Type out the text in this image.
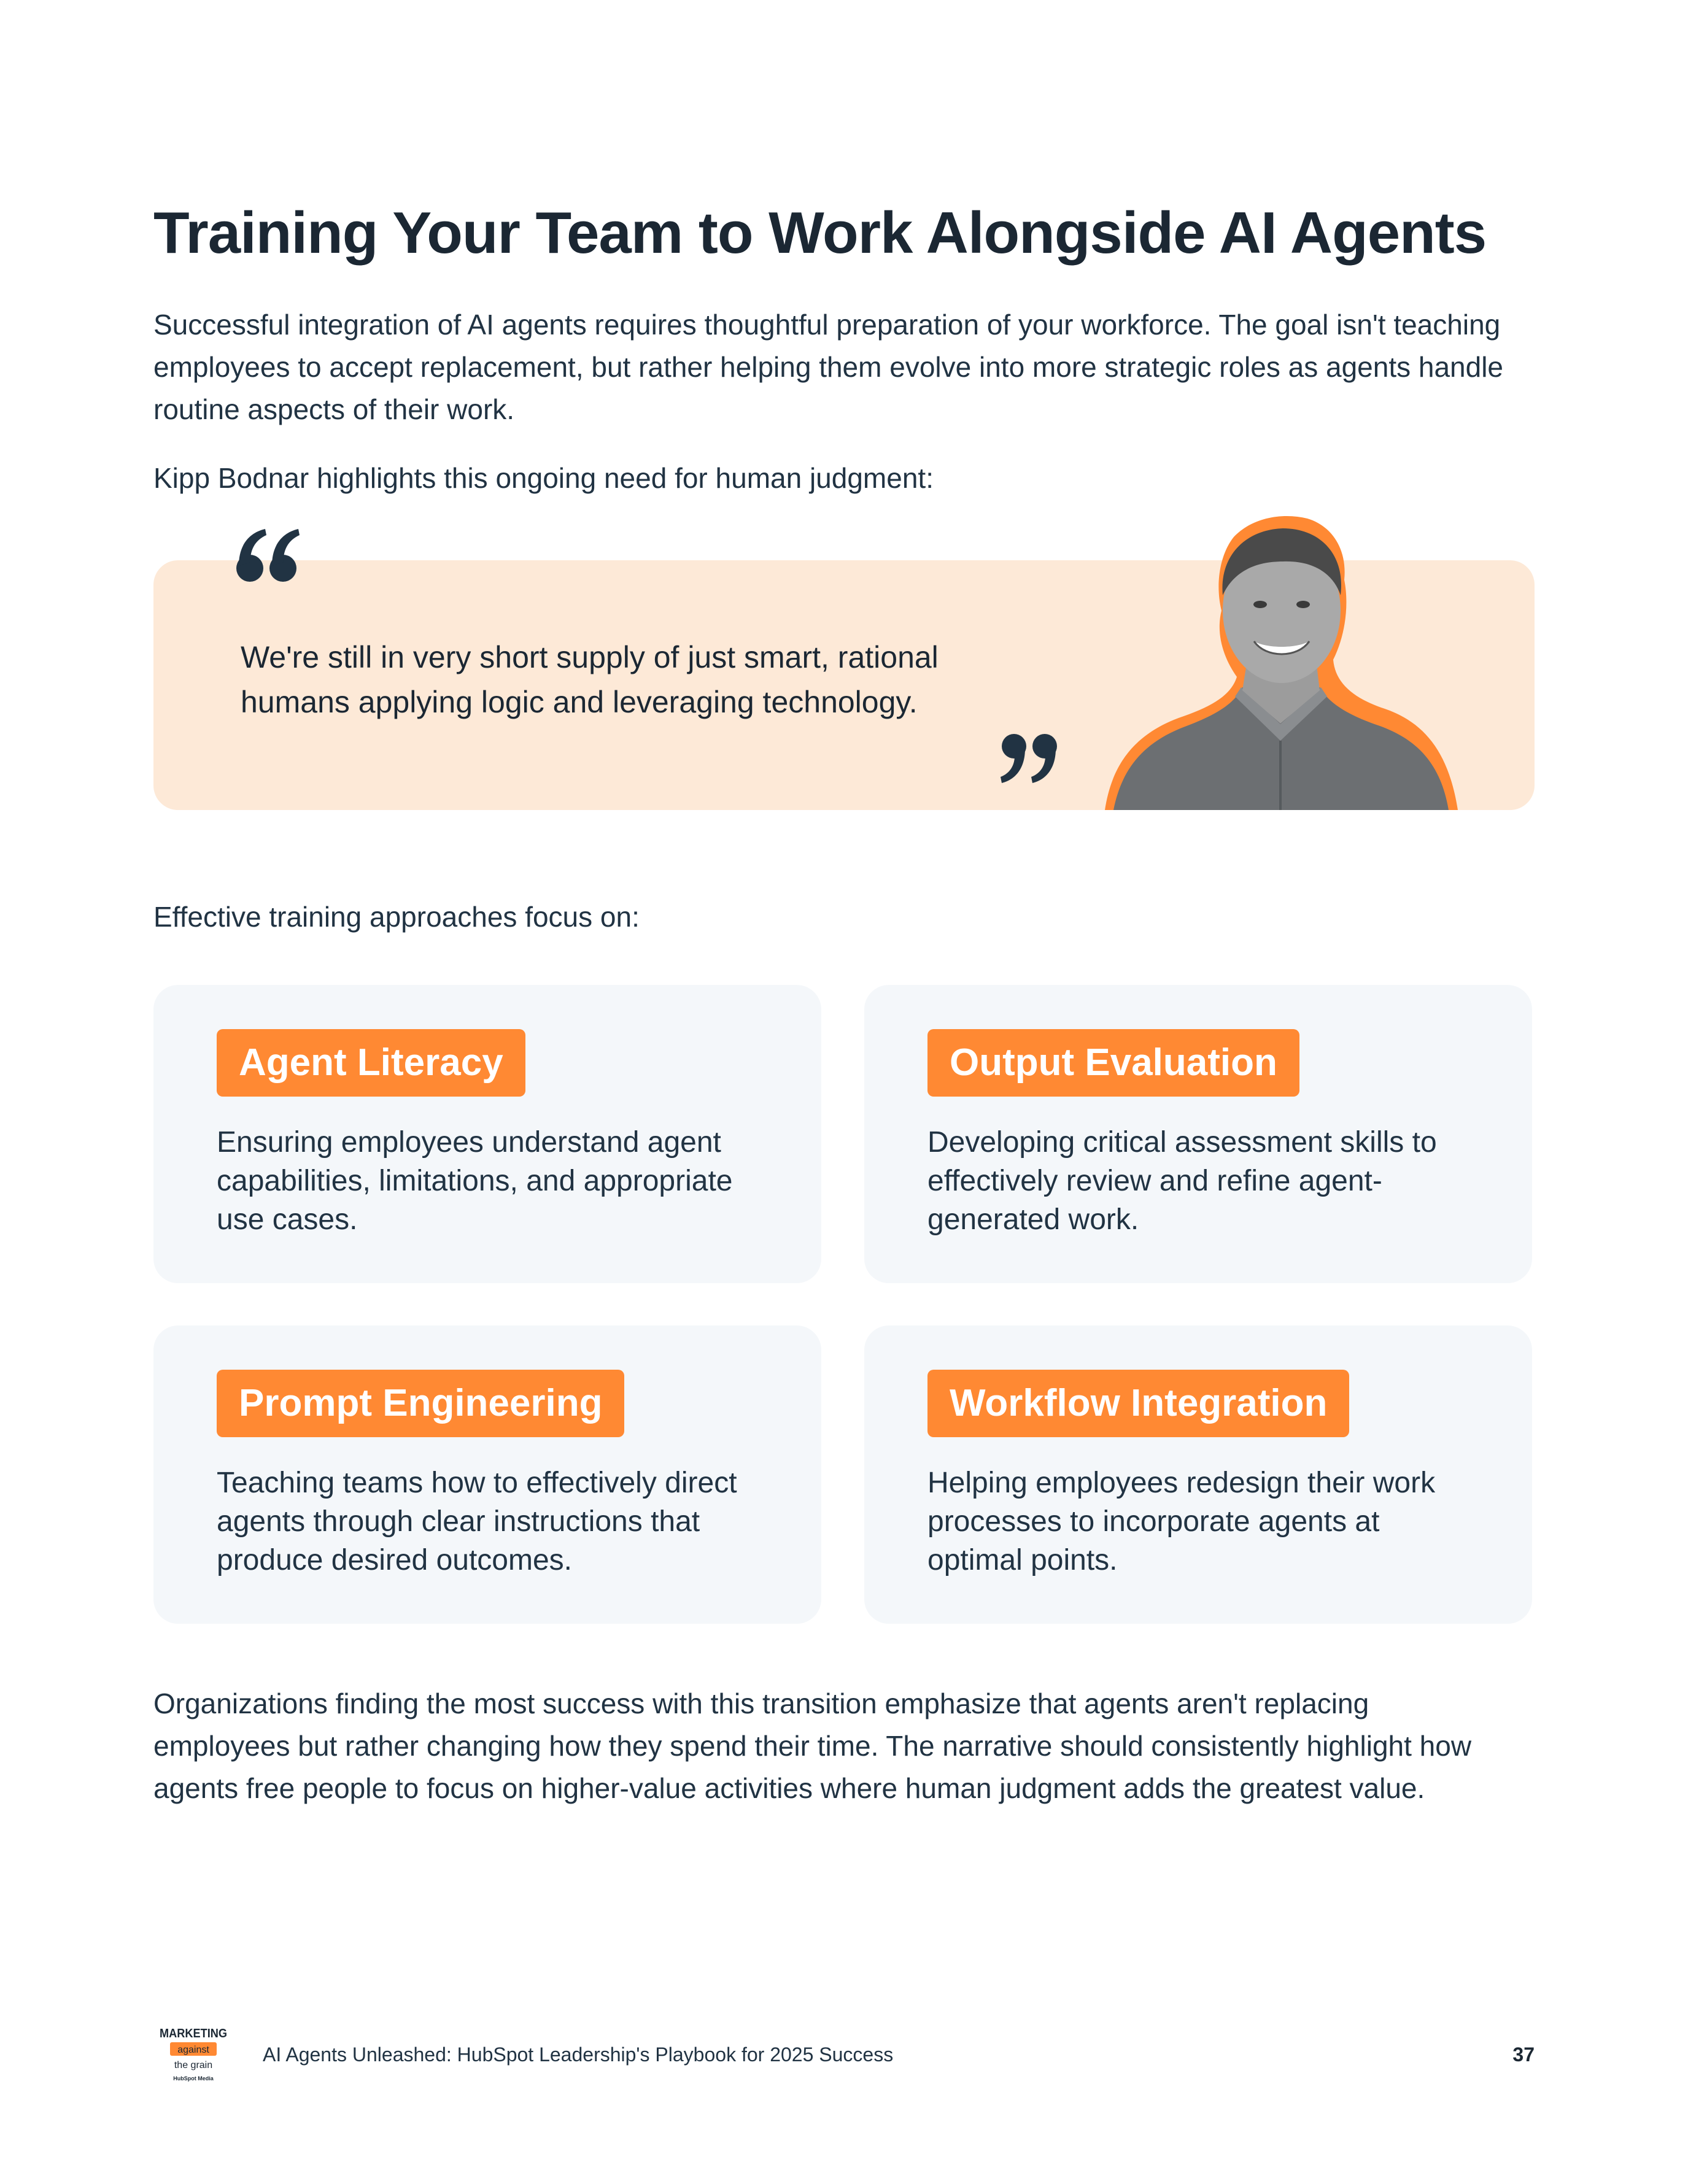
Training Your Team to Work Alongside AI Agents

Successful integration of AI agents requires thoughtful preparation of your workforce. The goal isn't teaching employees to accept replacement, but rather helping them evolve into more strategic roles as agents handle routine aspects of their work.

Kipp Bodnar highlights this ongoing need for human judgment:

We're still in very short supply of just smart, rational humans applying logic and leveraging technology.

Effective training approaches focus on:

Agent Literacy

Ensuring employees understand agent capabilities, limitations, and appropriate use cases.

Output Evaluation

Developing critical assessment skills to effectively review and refine agent-generated work.

Prompt Engineering

Teaching teams how to effectively direct agents through clear instructions that produce desired outcomes.

Workflow Integration

Helping employees redesign their work processes to incorporate agents at optimal points.

Organizations finding the most success with this transition emphasize that agents aren't replacing employees but rather changing how they spend their time. The narrative should consistently highlight how agents free people to focus on higher-value activities where human judgment adds the greatest value.

MARKETING
against
the grain
HubSpot Media

AI Agents Unleashed: HubSpot Leadership's Playbook for 2025 Success	37
